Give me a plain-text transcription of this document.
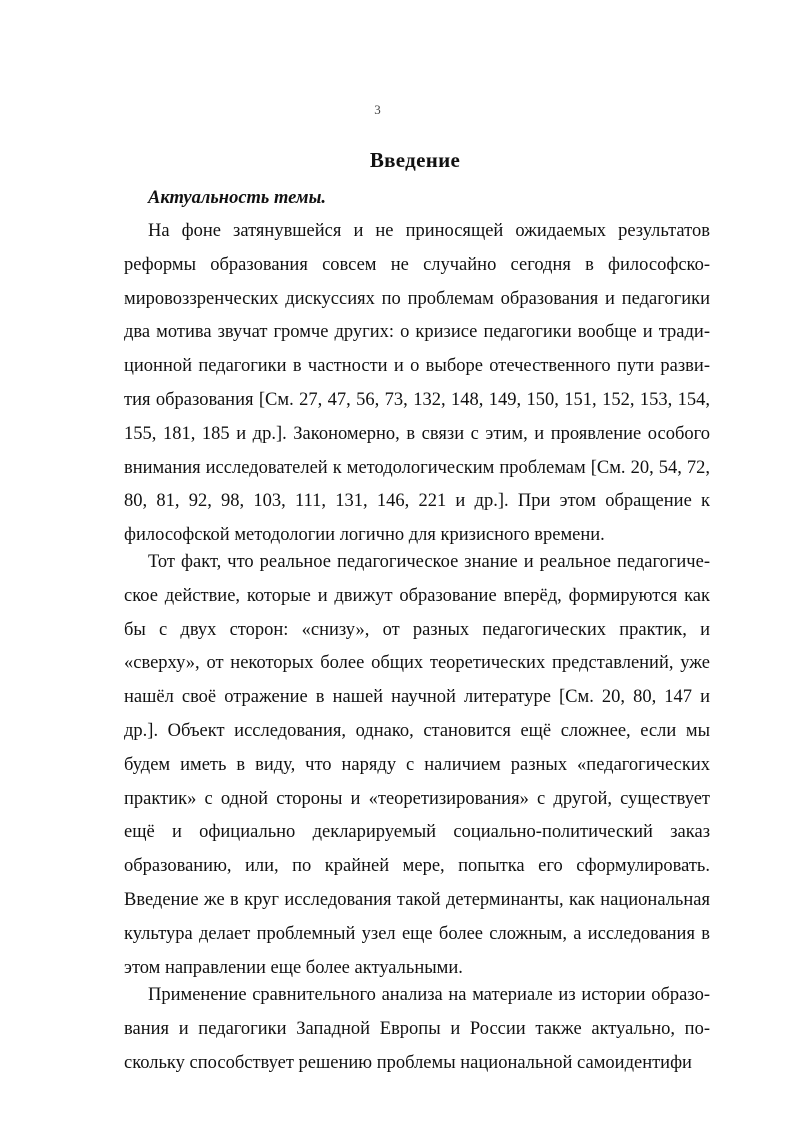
3
Введение
Актуальность темы.

На фоне затянувшейся и не приносящей ожидаемых результатов реформы образования совсем не случайно сегодня в философско-мировоззренческих дискуссиях по проблемам образования и педагогики два мотива звучат громче других: о кризисе педагогики вообще и традиционной педагогики в частности и о выборе отечественного пути развития образования [См. 27, 47, 56, 73, 132, 148, 149, 150, 151, 152, 153, 154, 155, 181, 185 и др.]. Закономерно, в связи с этим, и проявление особого внимания исследователей к методологическим проблемам [См. 20, 54, 72, 80, 81, 92, 98, 103, 111, 131, 146, 221 и др.]. При этом обращение к философской методологии логично для кризисного времени.

Тот факт, что реальное педагогическое знание и реальное педагогическое действие, которые и движут образование вперёд, формируются как бы с двух сторон: «снизу», от разных педагогических практик, и «сверху», от некоторых более общих теоретических представлений, уже нашёл своё отражение в нашей научной литературе [См. 20, 80, 147 и др.]. Объект исследования, однако, становится ещё сложнее, если мы будем иметь в виду, что наряду с наличием разных «педагогических практик» с одной стороны и «теоретизирования» с другой, существует ещё и официально декларируемый социально-политический заказ образованию, или, по крайней мере, попытка его сформулировать. Введение же в круг исследования такой детерминанты, как национальная культура делает проблемный узел еще более сложным, а исследования в этом направлении еще более актуальными.

Применение сравнительного анализа на материале из истории образования и педагогики Западной Европы и России также актуально, поскольку способствует решению проблемы национальной самоидентифи
